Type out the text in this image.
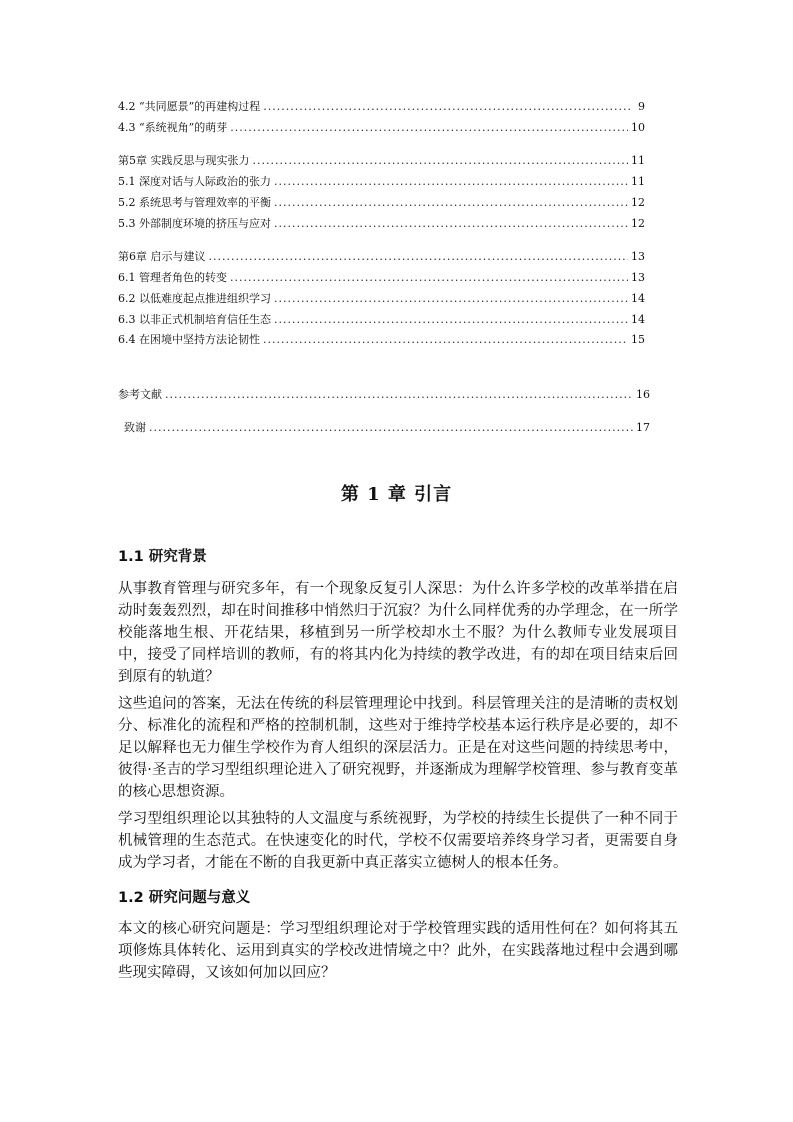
4.2 “共同愿景”的再建构过程 .....	9
4.3 “系统视角”的萌芽 .....	10
第5章 实践反思与现实张力 .....	11
5.1 深度对话与人际政治的张力 .....	11
5.2 系统思考与管理效率的平衡 .....	12
5.3 外部制度环境的挤压与应对 .....	12
第6章 启示与建议 .....	13
6.1 管理者角色的转变 .....	13
6.2 以低难度起点推进组织学习 .....	14
6.3 以非正式机制培育信任生态 .....	14
6.4 在困境中坚持方法论韧性 .....	15
参考文献 .....	16
致谢 .....	17
第 1 章 引言
1.1 研究背景
从事教育管理与研究多年，有一个现象反复引人深思：为什么许多学校的改革举措在启动时轰轰烈烈，却在时间推移中悄然归于沉寂？为什么同样优秀的办学理念，在一所学校能落地生根、开花结果，移植到另一所学校却水土不服？为什么教师专业发展项目中，接受了同样培训的教师，有的将其内化为持续的教学改进，有的却在项目结束后回到原有的轨道？
这些追问的答案，无法在传统的科层管理理论中找到。科层管理关注的是清晰的责权划分、标准化的流程和严格的控制机制，这些对于维持学校基本运行秩序是必要的，却不足以解释也无力催生学校作为育人组织的深层活力。正是在对这些问题的持续思考中，彼得·圣吉的学习型组织理论进入了研究视野，并逐渐成为理解学校管理、参与教育变革的核心思想资源。
学习型组织理论以其独特的人文温度与系统视野，为学校的持续生长提供了一种不同于机械管理的生态范式。在快速变化的时代，学校不仅需要培养终身学习者，更需要自身成为学习者，才能在不断的自我更新中真正落实立德树人的根本任务。
1.2 研究问题与意义
本文的核心研究问题是：学习型组织理论对于学校管理实践的适用性何在？如何将其五项修炼具体转化、运用到真实的学校改进情境之中？此外，在实践落地过程中会遇到哪些现实障碍，又该如何加以回应？
